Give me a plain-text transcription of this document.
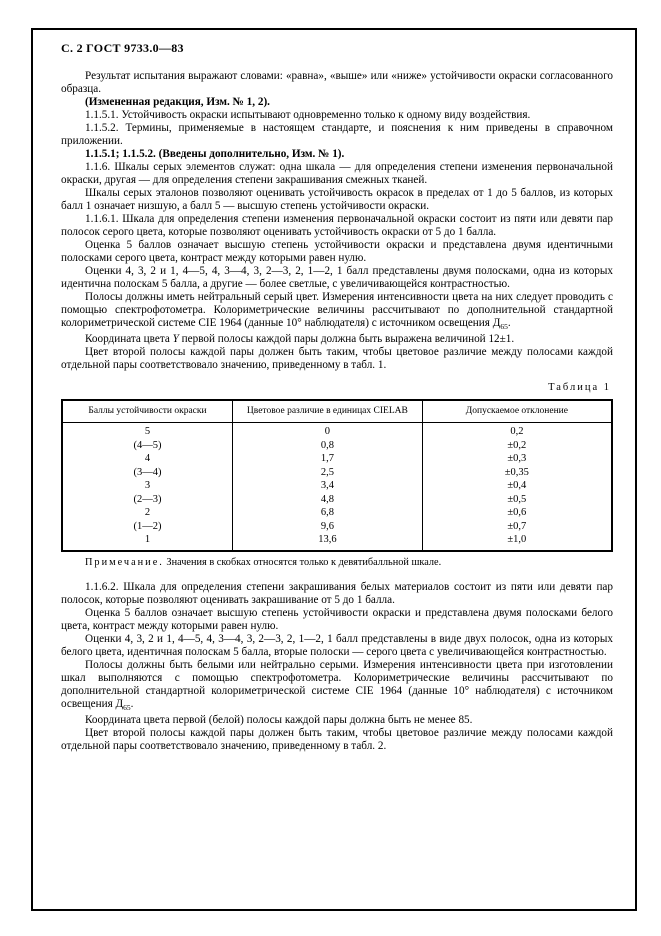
С. 2 ГОСТ 9733.0—83

Результат испытания выражают словами: «равна», «выше» или «ниже» устойчивости окраски согласованного образца.

(Измененная редакция, Изм. № 1, 2).

1.1.5.1. Устойчивость окраски испытывают одновременно только к одному виду воздействия.

1.1.5.2. Термины, применяемые в настоящем стандарте, и пояснения к ним приведены в справочном приложении.

1.1.5.1; 1.1.5.2. (Введены дополнительно, Изм. № 1).

1.1.6. Шкалы серых элементов служат: одна шкала — для определения степени изменения первоначальной окраски, другая — для определения степени закрашивания смежных тканей.

Шкалы серых эталонов позволяют оценивать устойчивость окрасок в пределах от 1 до 5 баллов, из которых балл 1 означает низшую, а балл 5 — высшую степень устойчивости окраски.

1.1.6.1. Шкала для определения степени изменения первоначальной окраски состоит из пяти или девяти пар полосок серого цвета, которые позволяют оценивать устойчивость окраски от 5 до 1 балла.

Оценка 5 баллов означает высшую степень устойчивости окраски и представлена двумя идентичными полосками серого цвета, контраст между которыми равен нулю.

Оценки 4, 3, 2 и 1, 4—5, 4, 3—4, 3, 2—3, 2, 1—2, 1 балл представлены двумя полосками, одна из которых идентична полоскам 5 балла, а другие — более светлые, с увеличивающейся контрастностью.

Полосы должны иметь нейтральный серый цвет. Измерения интенсивности цвета на них следует проводить с помощью спектрофотометра. Колориметрические величины рассчитывают по дополнительной стандартной колориметрической системе CIE 1964 (данные 10° наблюдателя) с источником освещения $Д_{65}$.

Координата цвета Y первой полосы каждой пары должна быть выражена величиной 12±1.

Цвет второй полосы каждой пары должен быть таким, чтобы цветовое различие между полосами каждой отдельной пары соответствовало значению, приведенному в табл. 1.

Таблица 1

Баллы устойчивости окраски	Цветовое различие в единицах CIELAB	Допускаемое отклонение
5	0	0,2
(4—5)	0,8	±0,2
4	1,7	±0,3
(3—4)	2,5	±0,35
3	3,4	±0,4
(2—3)	4,8	±0,5
2	6,8	±0,6
(1—2)	9,6	±0,7
1	13,6	±1,0

Примечание. Значения в скобках относятся только к девятибалльной шкале.

1.1.6.2. Шкала для определения степени закрашивания белых материалов состоит из пяти или девяти пар полосок, которые позволяют оценивать закрашивание от 5 до 1 балла.

Оценка 5 баллов означает высшую степень устойчивости окраски и представлена двумя полосками белого цвета, контраст между которыми равен нулю.

Оценки 4, 3, 2 и 1, 4—5, 4, 3—4, 3, 2—3, 2, 1—2, 1 балл представлены в виде двух полосок, одна из которых белого цвета, идентичная полоскам 5 балла, вторые полоски — серого цвета с увеличивающейся контрастностью.

Полосы должны быть белыми или нейтрально серыми. Измерения интенсивности цвета при изготовлении шкал выполняются с помощью спектрофотометра. Колориметрические величины рассчитывают по дополнительной стандартной колориметрической системе CIE 1964 (данные 10° наблюдателя) с источником освещения $Д_{65}$.

Координата цвета первой (белой) полосы каждой пары должна быть не менее 85.

Цвет второй полосы каждой пары должен быть таким, чтобы цветовое различие между полосами каждой отдельной пары соответствовало значению, приведенному в табл. 2.
